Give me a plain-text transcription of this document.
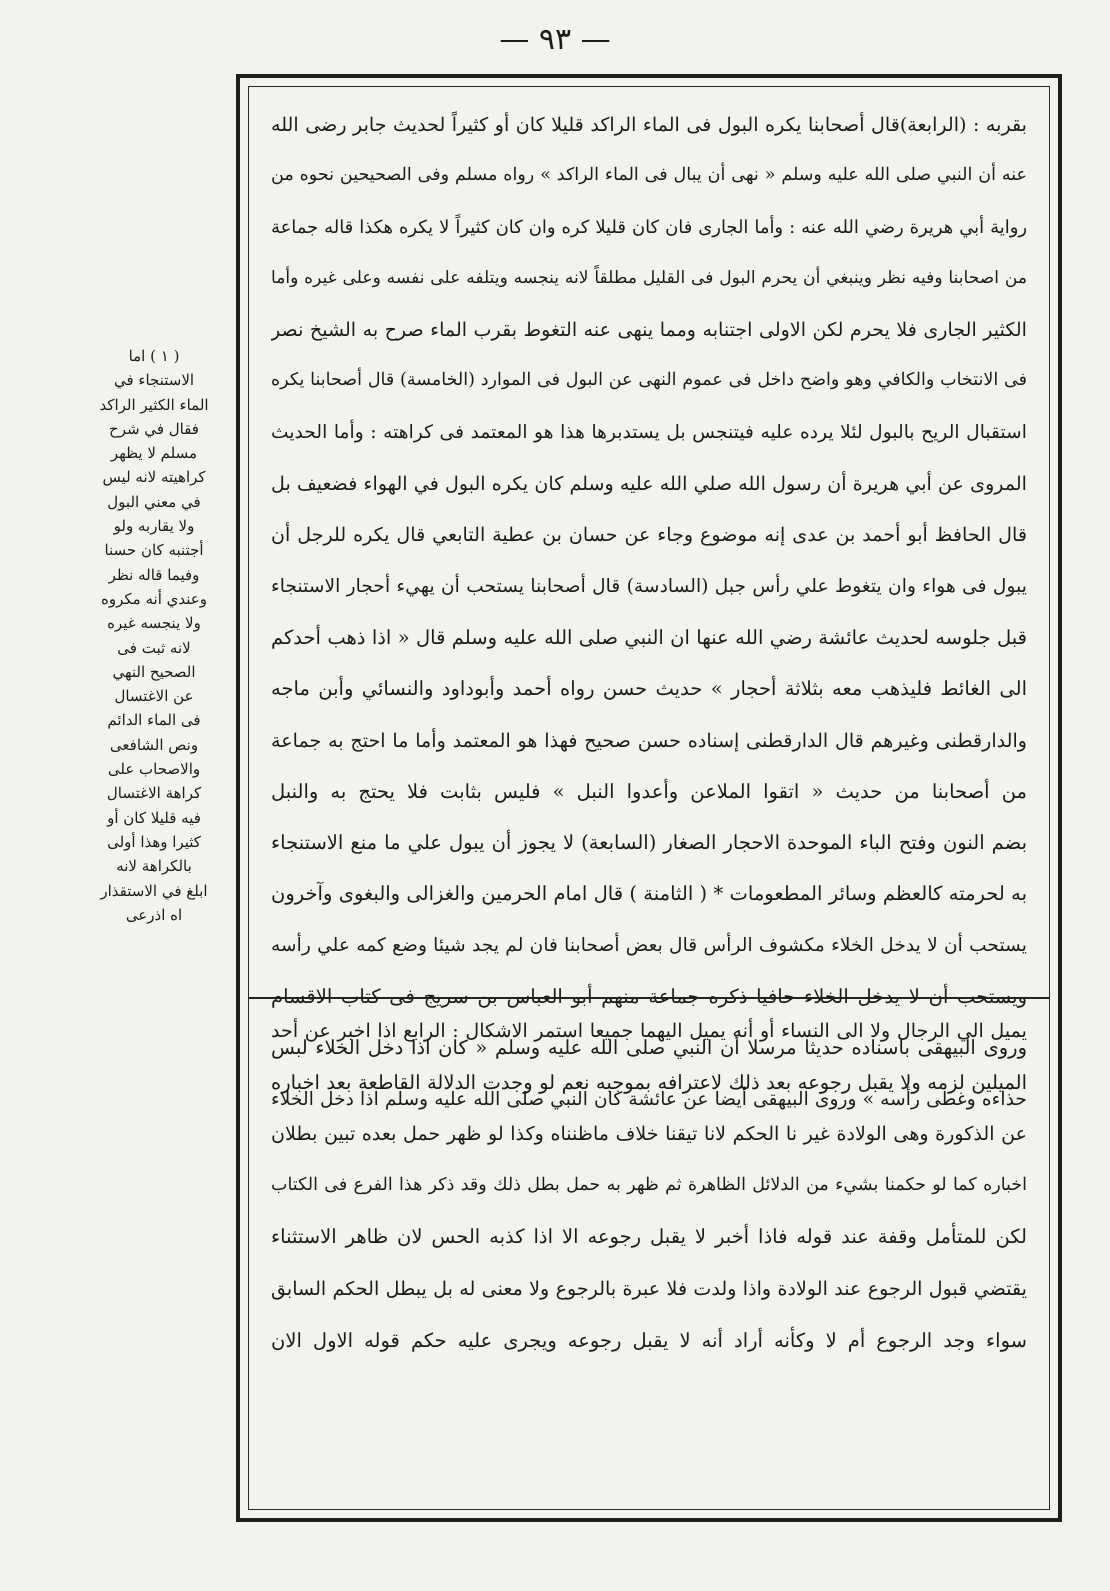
— ٩٣ —
( ١ ) اما
الاستنجاء في
الماء الكثير الراكد
فقال في شرح
مسلم لا يظهر
كراهيته لانه ليس
في معني البول
ولا يقاربه ولو
أجتنبه كان حسنا
وفيما قاله نظر
وعندي أنه مكروه
ولا ينجسه غيره
لانه ثبت فى
الصحيح النهي
عن الاغتسال
فى الماء الدائم
ونص الشافعى
والاصحاب على
كراهة الاغتسال
فيه قليلا كان أو
كثيرا وهذا أولى
بالكراهة لانه
ابلغ في الاستقذار
اه اذرعى
بقربه : (الرابعة)قال أصحابنا يكره البول فى الماء الراكد قليلا كان أو كثيراً لحديث جابر رضى الله
عنه أن النبي صلى الله عليه وسلم « نهى أن يبال فى الماء الراكد » رواه مسلم وفى الصحيحين نحوه من
رواية أبي هريرة رضي الله عنه : وأما الجارى فان كان قليلا كره وان كان كثيراً لا يكره هكذا قاله جماعة
من اصحابنا وفيه نظر وينبغي أن يحرم البول فى القليل مطلقاً لانه ينجسه ويتلفه على نفسه وعلى غيره وأما
الكثير الجارى فلا يحرم لكن الاولى اجتنابه ومما ينهى عنه التغوط بقرب الماء صرح به الشيخ نصر
فى الانتخاب والكافي وهو واضح داخل فى عموم النهى عن البول فى الموارد (الخامسة) قال أصحابنا يكره
استقبال الريح بالبول لئلا يرده عليه فيتنجس بل يستدبرها هذا هو المعتمد فى كراهته : وأما الحديث
المروى عن أبي هريرة أن رسول الله صلي الله عليه وسلم كان يكره البول في الهواء فضعيف بل
قال الحافظ أبو أحمد بن عدى إنه موضوع وجاء عن حسان بن عطية التابعي قال يكره للرجل أن
يبول فى هواء وان يتغوط علي رأس جبل (السادسة) قال أصحابنا يستحب أن يهيء أحجار الاستنجاء
قبل جلوسه لحديث عائشة رضي الله عنها ان النبي صلى الله عليه وسلم قال « اذا ذهب أحدكم
الى الغائط فليذهب معه بثلاثة أحجار » حديث حسن رواه أحمد وأبوداود والنسائي وأبن ماجه
والدارقطنى وغيرهم قال الدارقطنى إسناده حسن صحيح فهذا هو المعتمد وأما ما احتج به جماعة
من أصحابنا من حديث « اتقوا الملاعن وأعدوا النبل » فليس بثابت فلا يحتج به والنبل
بضم النون وفتح الباء الموحدة الاحجار الصغار (السابعة) لا يجوز أن يبول علي ما منع الاستنجاء
به لحرمته كالعظم وسائر المطعومات * ( الثامنة ) قال امام الحرمين والغزالى والبغوى وآخرون
يستحب أن لا يدخل الخلاء مكشوف الرأس قال بعض أصحابنا فان لم يجد شيئا وضع كمه علي رأسه
ويستحب أن لا يدخل الخلاء حافيا ذكره جماعة منهم أبو العباس بن سريج فى كتاب الاقسام
وروى البيهقى باسناده حديثا مرسلا أن النبي صلى الله عليه وسلم « كان اذا دخل الخلاء لبس
حذاءه وغطى رأسه » وروى البيهقى أيضا عن عائشة كان النبي صلى الله عليه وسلم اذا دخل الخلاء
يميل الي الرجال ولا الى النساء أو أنه يميل اليهما جميعا استمر الاشكال : الرابع اذا اخبر عن أحد
الميلين لزمه ولا يقبل رجوعه بعد ذلك لاعترافه بموجبه نعم لو وجدت الدلالة القاطعة بعد اخباره
عن الذكورة وهى الولادة غير نا الحكم لانا تيقنا خلاف ماظنناه وكذا لو ظهر حمل بعده تبين بطلان
اخباره كما لو حكمنا بشيء من الدلائل الظاهرة ثم ظهر به حمل بطل ذلك وقد ذكر هذا الفرع فى الكتاب
لكن للمتأمل وقفة عند قوله فاذا أخبر لا يقبل رجوعه الا اذا كذبه الحس لان ظاهر الاستثناء
يقتضي قبول الرجوع عند الولادة واذا ولدت فلا عبرة بالرجوع ولا معنى له بل يبطل الحكم السابق
سواء وجد الرجوع أم لا وكأنه أراد أنه لا يقبل رجوعه ويجرى عليه حكم قوله الاول الان
